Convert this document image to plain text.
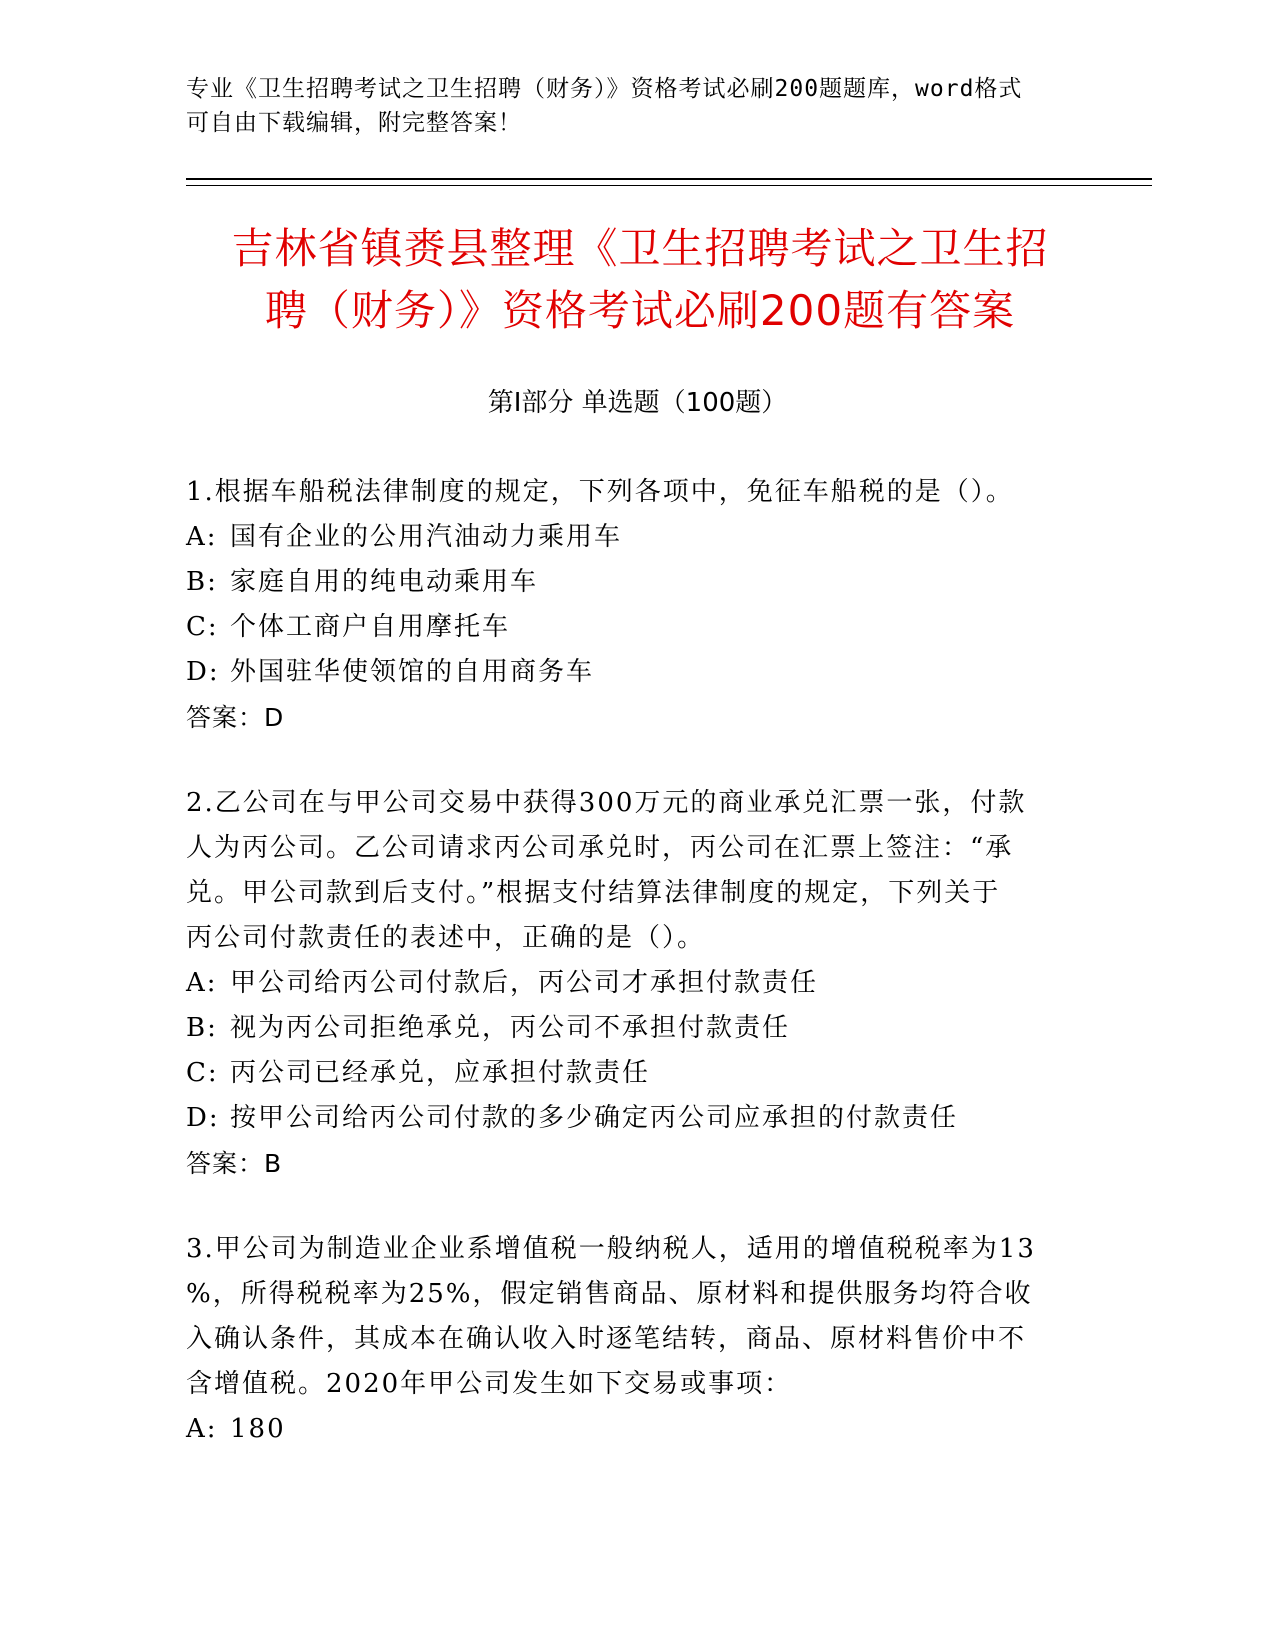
专业《卫生招聘考试之卫生招聘（财务）》资格考试必刷200题题库，word格式
可自由下载编辑，附完整答案！
吉林省镇赉县整理《卫生招聘考试之卫生招
聘（财务）》资格考试必刷200题有答案
第Ⅰ部分 单选题（100题）
1.根据车船税法律制度的规定，下列各项中，免征车船税的是（）。
A: 国有企业的公用汽油动力乘用车
B: 家庭自用的纯电动乘用车
C: 个体工商户自用摩托车
D: 外国驻华使领馆的自用商务车
答案：D
2.乙公司在与甲公司交易中获得300万元的商业承兑汇票一张，付款
人为丙公司。乙公司请求丙公司承兑时，丙公司在汇票上签注：“承
兑。甲公司款到后支付。”根据支付结算法律制度的规定，下列关于
丙公司付款责任的表述中，正确的是（）。
A: 甲公司给丙公司付款后，丙公司才承担付款责任
B: 视为丙公司拒绝承兑，丙公司不承担付款责任
C: 丙公司已经承兑，应承担付款责任
D: 按甲公司给丙公司付款的多少确定丙公司应承担的付款责任
答案：B
3.甲公司为制造业企业系增值税一般纳税人，适用的增值税税率为13
%，所得税税率为25%，假定销售商品、原材料和提供服务均符合收
入确认条件，其成本在确认收入时逐笔结转，商品、原材料售价中不
含增值税。2020年甲公司发生如下交易或事项：
A: 180
